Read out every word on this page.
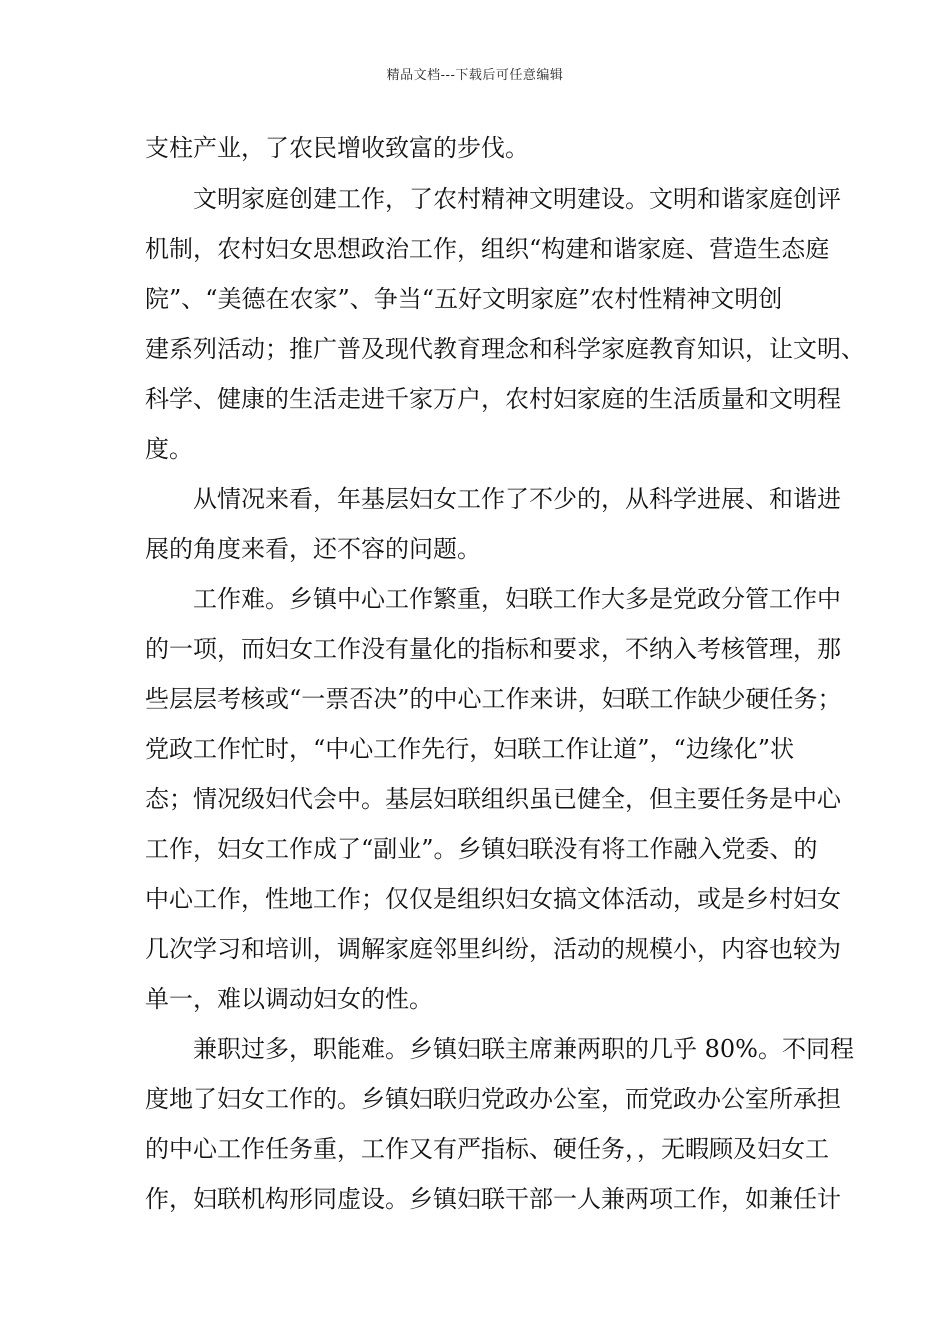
精品文档---下载后可任意编辑
支柱产业，了农民增收致富的步伐。
文明家庭创建工作，了农村精神文明建设。文明和谐家庭创评
机制，农村妇女思想政治工作，组织“构建和谐家庭、营造生态庭
院”、“美德在农家”、争当“五好文明家庭”农村性精神文明创
建系列活动；推广普及现代教育理念和科学家庭教育知识，让文明、
科学、健康的生活走进千家万户，农村妇家庭的生活质量和文明程
度。
从情况来看，年基层妇女工作了不少的，从科学进展、和谐进
展的角度来看，还不容的问题。
工作难。乡镇中心工作繁重，妇联工作大多是党政分管工作中
的一项，而妇女工作没有量化的指标和要求，不纳入考核管理，那
些层层考核或“一票否决”的中心工作来讲，妇联工作缺少硬任务；
党政工作忙时，“中心工作先行，妇联工作让道”，“边缘化”状
态；情况级妇代会中。基层妇联组织虽已健全，但主要任务是中心
工作，妇女工作成了“副业”。乡镇妇联没有将工作融入党委、的
中心工作，性地工作；仅仅是组织妇女搞文体活动，或是乡村妇女
几次学习和培训，调解家庭邻里纠纷，活动的规模小，内容也较为
单一，难以调动妇女的性。
兼职过多，职能难。乡镇妇联主席兼两职的几乎 80%。不同程
度地了妇女工作的。乡镇妇联归党政办公室，而党政办公室所承担
的中心工作任务重，工作又有严指标、硬任务，，无暇顾及妇女工
作，妇联机构形同虚设。乡镇妇联干部一人兼两项工作，如兼任计
